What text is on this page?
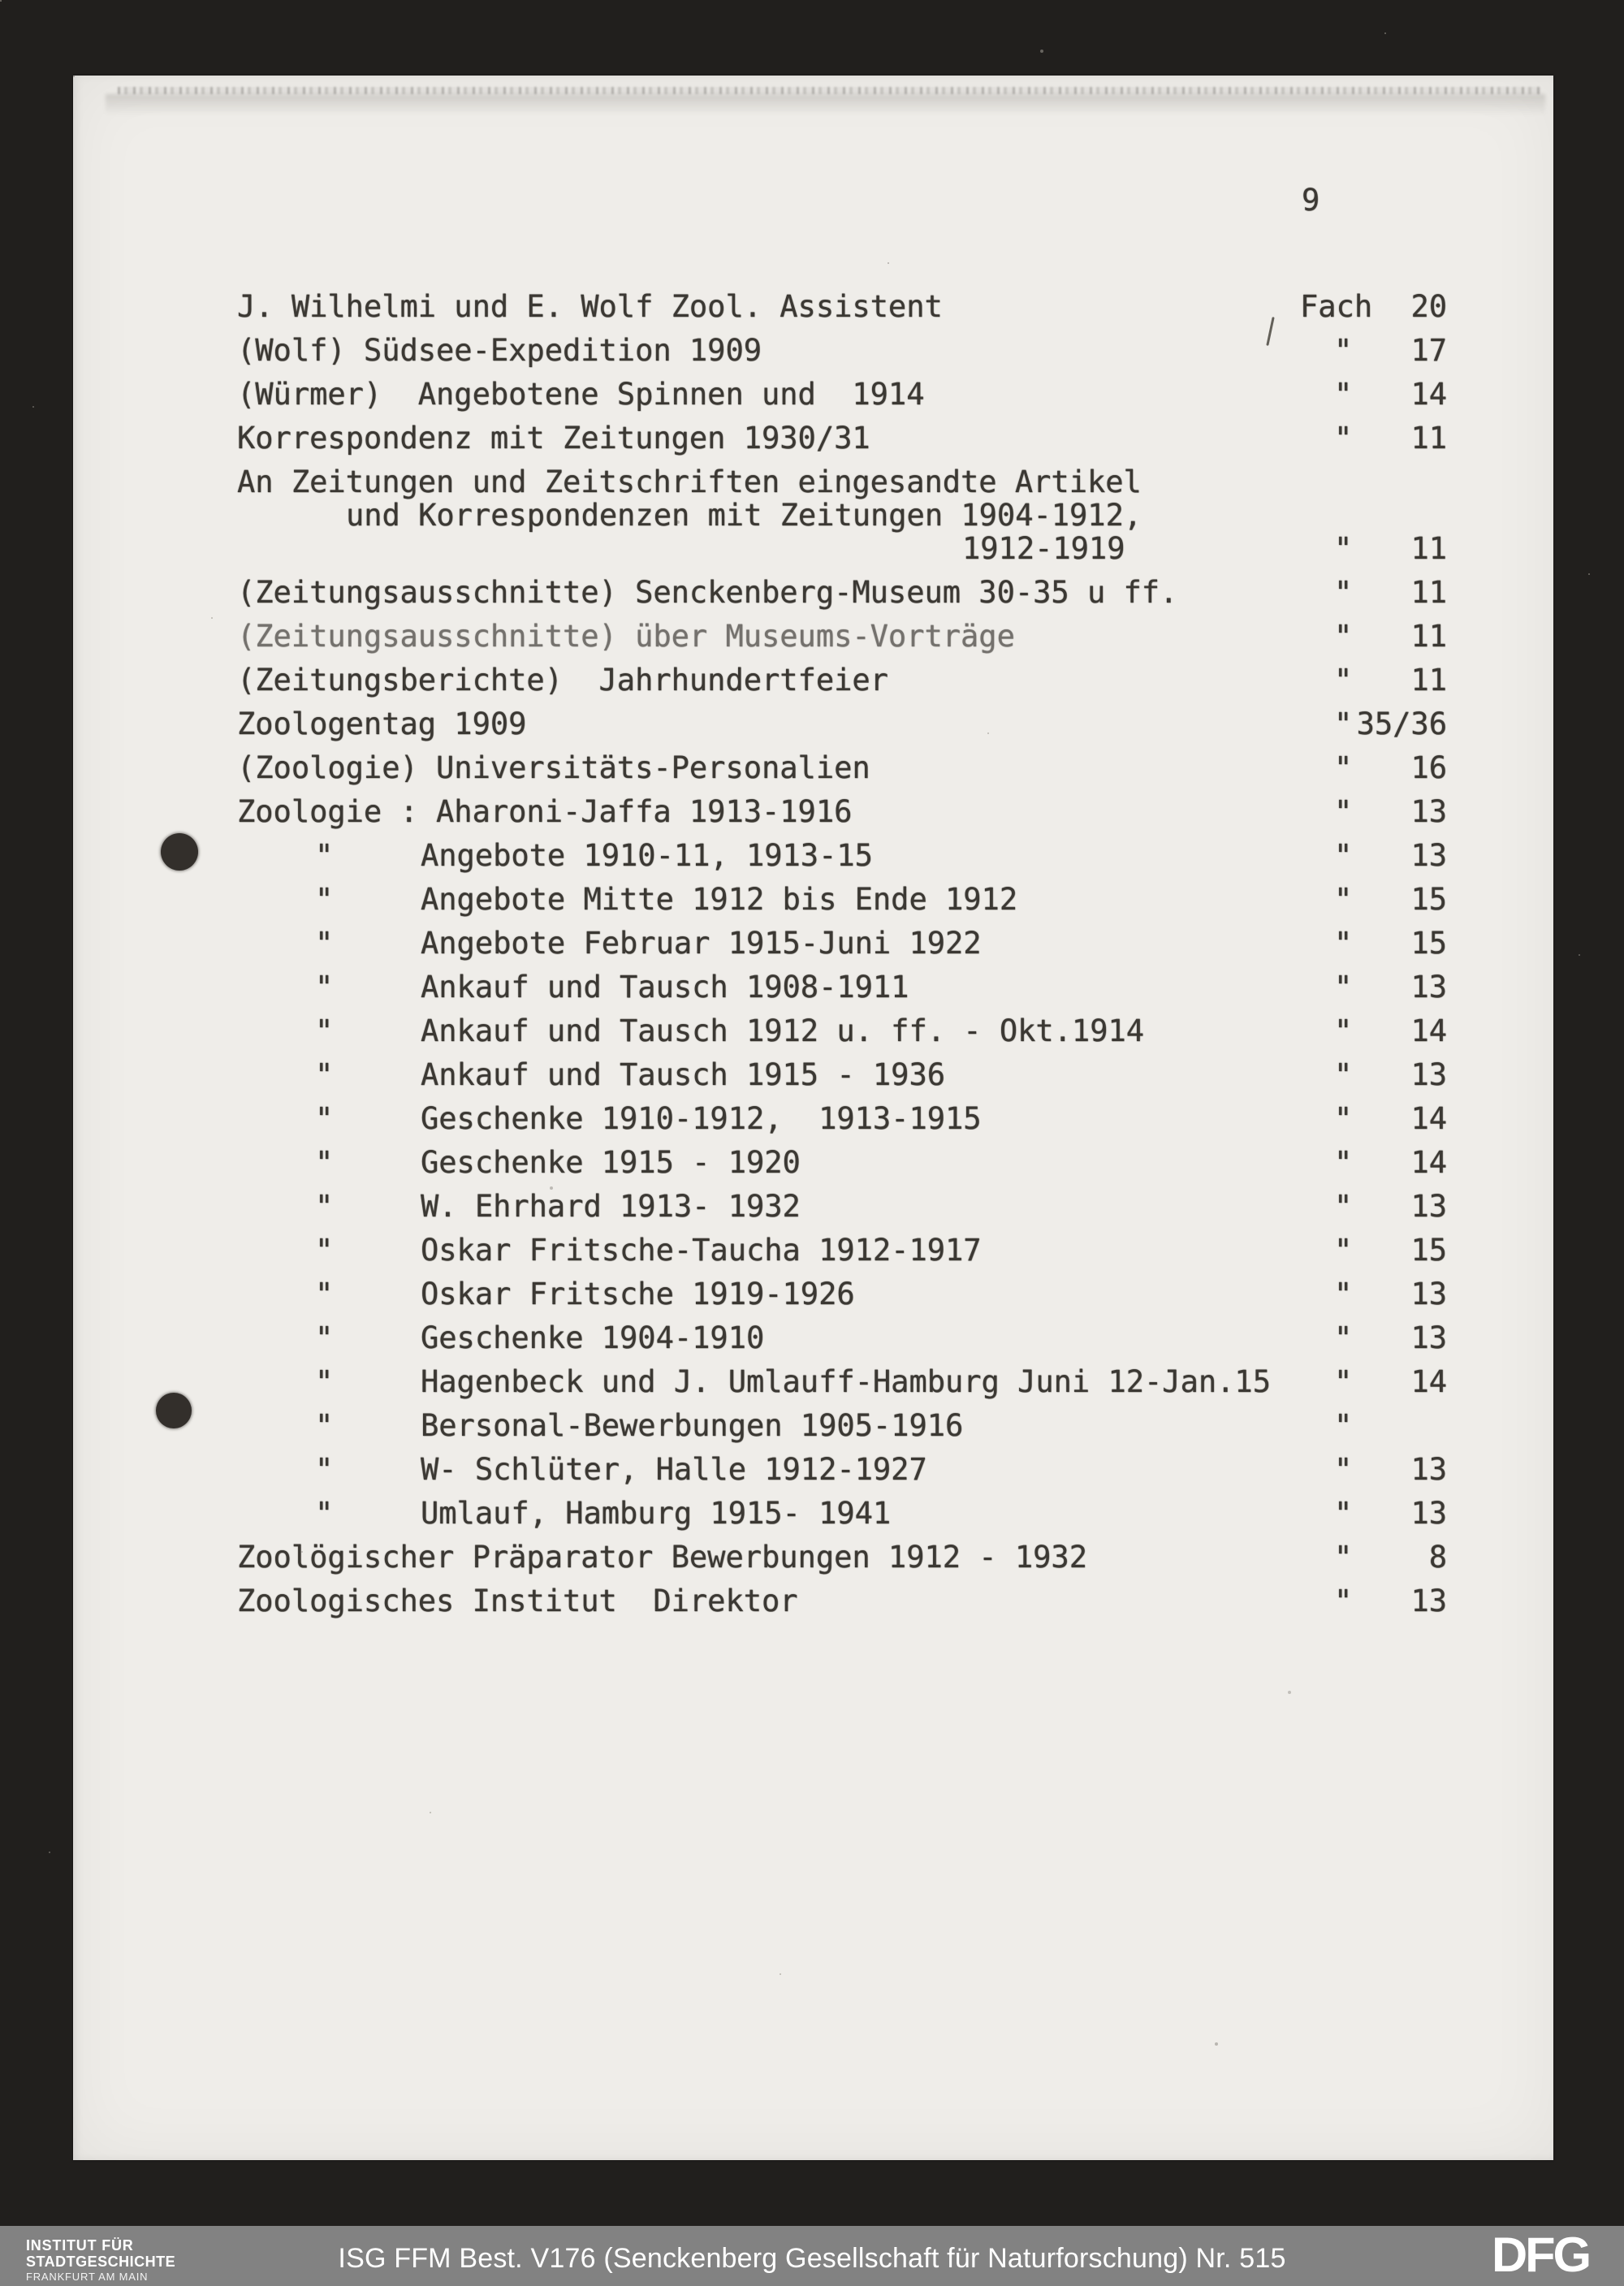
9
J. Wilhelmi und E. Wolf Zool. Assistent	Fach	20
(Wolf) Südsee-Expedition 1909	"	17
(Würmer)  Angebotene Spinnen und  1914	"	14
Korrespondenz mit Zeitungen 1930/31	"	11
An Zeitungen und Zeitschriften eingesandte Artikel
und Korrespondenzen mit Zeitungen 1904-1912,
1912-1919	"	11
(Zeitungsausschnitte) Senckenberg-Museum 30-35 u ff.	"	11
(Zeitungsausschnitte) über Museums-Vorträge	"	11
(Zeitungsberichte)  Jahrhundertfeier	"	11
Zoologentag 1909	" 35/36
(Zoologie) Universitäts-Personalien	"	16
Zoologie : Aharoni-Jaffa 1913-1916	"	13
"	Angebote 1910-11, 1913-15	"	13
"	Angebote Mitte 1912 bis Ende 1912	"	15
"	Angebote Februar 1915-Juni 1922	"	15
"	Ankauf und Tausch 1908-1911	"	13
"	Ankauf und Tausch 1912 u. ff. - Okt.1914	"	14
"	Ankauf und Tausch 1915 - 1936	"	13
"	Geschenke 1910-1912,  1913-1915	"	14
"	Geschenke 1915 - 1920	"	14
"	W. Ehrhard 1913- 1932	"	13
"	Oskar Fritsche-Taucha 1912-1917	"	15
"	Oskar Fritsche 1919-1926	"	13
"	Geschenke 1904-1910	"	13
"	Hagenbeck und J. Umlauff-Hamburg Juni 12-Jan.15 "	14
"	Bersonal-Bewerbungen 1905-1916	"
"	W- Schlüter, Halle 1912-1927	"	13
"	Umlauf, Hamburg 1915- 1941	"	13
Zoolögischer Präparator Bewerbungen 1912 - 1932	"	8
Zoologisches Institut  Direktor	"	13
INSTITUT FÜR
STADTGESCHICHTE
FRANKFURT AM MAIN
ISG FFM Best. V176 (Senckenberg Gesellschaft für Naturforschung) Nr. 515	DFG
